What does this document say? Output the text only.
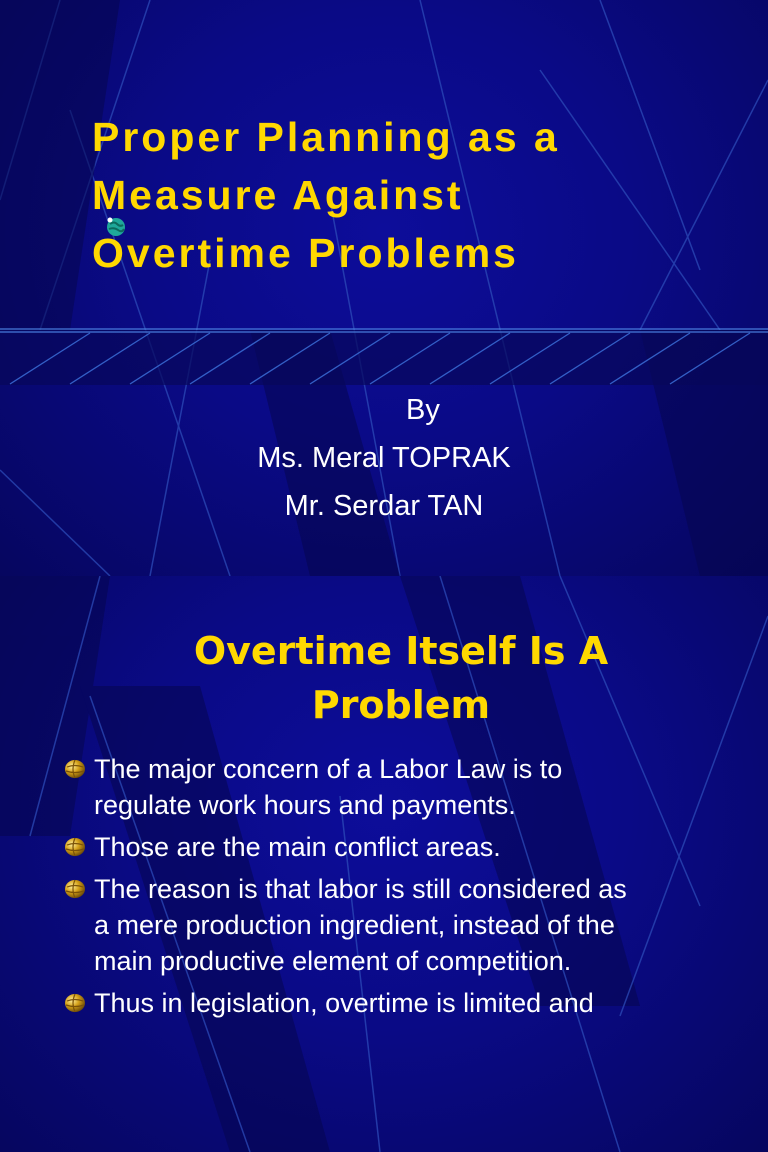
Proper Planning as a
Measure Against
Overtime Problems
By
Ms. Meral TOPRAK
Mr. Serdar TAN
Overtime Itself Is A
Problem
The major concern of a Labor Law is to
regulate work hours and payments.
Those are the main conflict areas.
The reason is that labor is still considered as
a mere production ingredient, instead of the
main productive element of competition.
Thus in legislation, overtime is limited and
